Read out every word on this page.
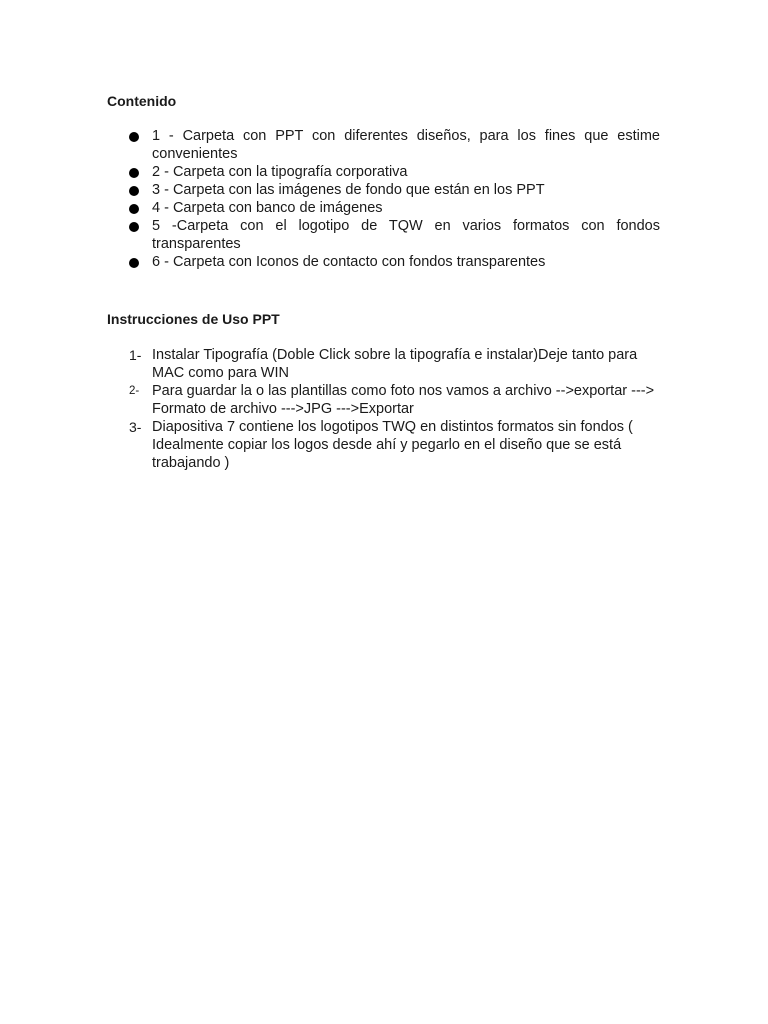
Contenido
1 - Carpeta con PPT con diferentes diseños, para los fines que estime convenientes
2 - Carpeta con la tipografía corporativa
3 - Carpeta con las imágenes de fondo que están en los PPT
4 - Carpeta con banco de imágenes
5 -Carpeta con el logotipo de TQW en varios formatos con fondos transparentes
6 - Carpeta con Iconos de contacto con fondos transparentes
Instrucciones de Uso PPT
1- Instalar Tipografía (Doble Click sobre la tipografía e instalar)Deje tanto para MAC como para WIN
2- Para guardar la o las plantillas como foto nos vamos a archivo -->exportar ---> Formato de archivo --->JPG --->Exportar
3- Diapositiva 7 contiene los logotipos TWQ en distintos formatos sin fondos ( Idealmente copiar los logos desde ahí y pegarlo en el diseño que se está trabajando )
